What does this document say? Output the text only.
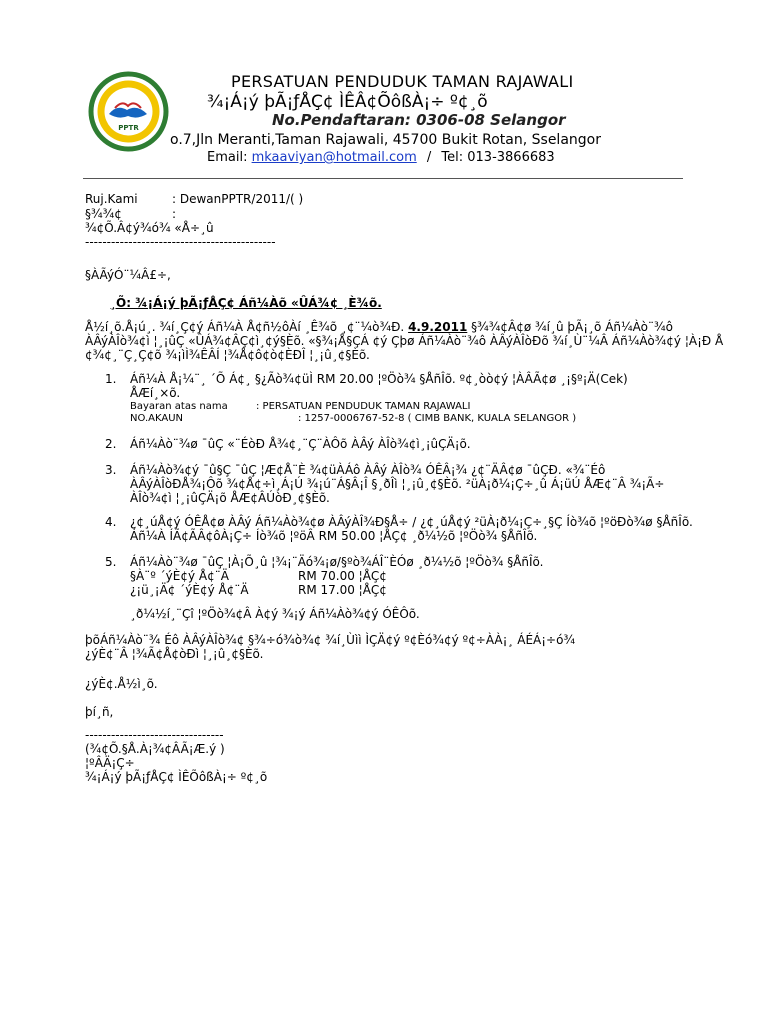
PPTR
PERSATUAN PENDUDUK TAMAN RAJAWALI
¾¡Á¡ý þÃ¡ƒÅÇ¢ ÌÊÂ¢ÕôßÀ¡÷ º¢¸õ
No.Pendaftaran: 0306-08 Selangor
o.7,Jln Meranti,Taman Rajawali, 45700 Bukit Rotan, Sselangor
Email: mkaaviyan@hotmail.com / Tel: 013-3866683
Ruj.Kami	: DewanPPTR/2011/( )
§¾¾¢	:
¾¢Õ.Â¢ý¾ó¾ «Å÷¸û
--------------------------------------------
§ÀÃýÓ¨¼Â£÷,
¸Õ: ¾¡Á¡ý þÃ¡ƒÅÇ¢ Áñ¼Àõ «ÛÁ¾¢ ¸È¾õ.
Å½í¸õ.Å¡ú¸. ¾í¸Ç¢ý Áñ¼À Å¢ñ½ôÀí ¸Ê¾õ ¸¢¨¼ò¾Ð. 4.9.2011 §¾¾¢Â¢ø ¾í¸û þÃ¡¸õ Áñ¼Àò¨¾ô
ÀÂýÀÎò¾¢ì ¦¸¡ûÇ «ÛÁ¾¢ÂÇ¢ì¸¢ý§Èõ. «§¾¡Å§ÇÁ ¢ý Çþø Áñ¼Àò¨¾ô ÀÂýÀÎòÐõ ¾í¸Ù¨¼Â Áñ¼Àò¾¢ý ¦À¡Ð Å
¢¾¢¸¨Ç¸Ç¢õ ¾¡ìÌ¾ÊÂÍ ¦¾Å¢ô¢ò¢ÈÐÎ ¦¸¡û¸¢§Èõ.
1. Áñ¼À Å¡¼¨¸ ´Õ Á¢¸ §¿Ãò¾¢üÌ RM 20.00 ¦ºÖò¾ §ÅñÎõ. º¢¸òò¢ý ¦ÀÂÃ¢ø ¸¡§º¡Ä(Cek)
ÅÆí¸×õ.
Bayaran atas nama	: PERSATUAN PENDUDUK TAMAN RAJAWALI
NO.AKAUN	: 1257-0006767-52-8 ( CIMB BANK, KUALA SELANGOR )
2. Áñ¼Àò¨¾ø ¯ûÇ «¨ÉòÐ Å¾¢¸¨Ç¨ÀÔõ ÀÂý ÀÎò¾¢ì¸¡ûÇÄ¡õ.
3. Áñ¼Àò¾¢ý ¯û§Ç ¯ûÇ ¦Æ¢Å¨È ¾¢üÀÁô ÀÂý ÀÎò¾ ÓÊÂ¡¾ ¿¢¨ÄÂ¢ø ¯ûÇÐ. «¾¨Éô
ÀÂýÀÎòÐÅ¾¡Ôõ ¾¢Å¢÷ì¸Á¡Ú ¾¡ú¨Á§Â¡Î §¸ðÎì ¦¸¡û¸¢§Èõ. ²üÀ¡ð¼¡Ç÷¸û Á¡üÚ ÅÆ¢¨Â ¾¡Ã÷
ÀÎò¾¢ì ¦¸¡ûÇÄ¡õ ÅÆ¢ÂÚòÐ¸¢§Èõ.
4. ¿¢¸úÅ¢ý ÓÊÅ¢ø ÀÂý Áñ¼Àò¾¢ø ÀÂýÀÎ¾Ð§Å÷ / ¿¢¸úÅ¢ý ²üÀ¡ð¼¡Ç÷¸§Ç Íò¾õ ¦ºöÐò¾ø §ÅñÎõ.
Áñ¼À ÍÃ¢ÃÂ¢ôÀ¡Ç÷ Íò¾õ ¦ºöÂ RM 50.00 ¦ÅÇ¢ ¸ð¼½õ ¦ºÖò¾ §ÅñÎõ.
5. Áñ¼Àò¨¾ø ¯ûÇ ¦À¡Õ¸û ¦¾¡¨Äó¾¡ø/§ºò¾ÁÎ¨ÈÓø ¸ð¼½õ ¦ºÖò¾ §ÅñÎõ.
§À¨º ´ýÈ¢ý Å¢¨Ä	RM 70.00 ¦ÅÇ¢
¿¡ü¸¡Ä¢ ´ýÈ¢ý Å¢¨Ä	RM 17.00 ¦ÅÇ¢
¸ð¼½í¸¨Çî ¦ºÖò¾¢Â À¢ý ¾¡ý Áñ¼Àò¾¢ý ÓÊÔõ.
þõÁñ¼Àò¨¾ Éô ÀÂýÀÎò¾¢ §¾÷ó¾ò¾¢ ¾í¸Ùìì ÌÇÄ¢ý º¢Èó¾¢ý º¢÷ÀÀ¡¸ ÁÉÁ¡÷ó¾
¿ýÈ¢¨Â ¦¾Ã¢Å¢òÐì ¦¸¡û¸¢§Èõ.
¿ýÈ¢.Å½ì¸õ.
þí¸ñ,
--------------------------------
(¾¢Õ.§Å.À¡¾¢ÂÃ¡Æ.ý )
¦ºÂÄ¡Ç÷
¾¡Á¡ý þÃ¡ƒÅÇ¢ ÌÊÕôßÀ¡÷ º¢¸õ
